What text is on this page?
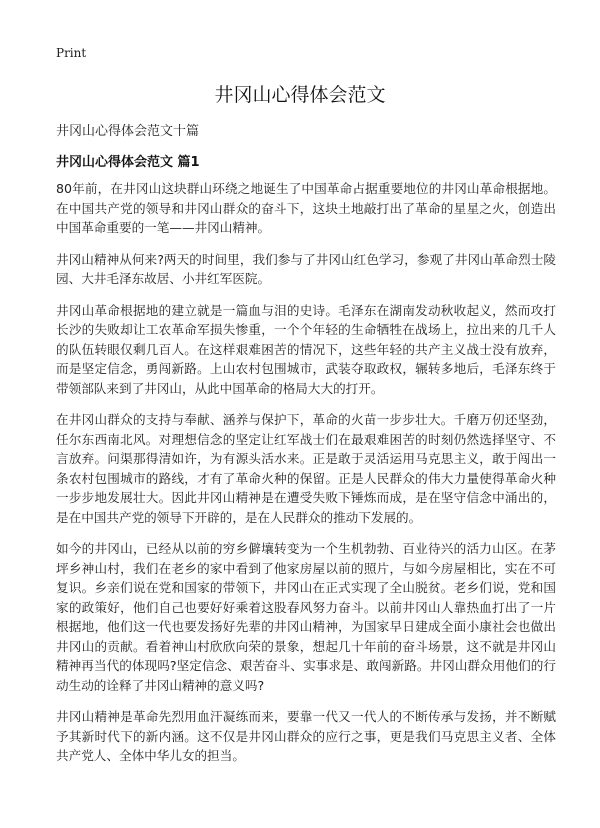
Print
井冈山心得体会范文
井冈山心得体会范文十篇
井冈山心得体会范文 篇1

80年前，在井冈山这块群山环绕之地诞生了中国革命占据重要地位的井冈山革命根据地。在中国共产党的领导和井冈山群众的奋斗下，这块土地敲打出了革命的星星之火，创造出中国革命重要的一笔——井冈山精神。

井冈山精神从何来?两天的时间里，我们参与了井冈山红色学习，参观了井冈山革命烈士陵园、大井毛泽东故居、小井红军医院。

井冈山革命根据地的建立就是一篇血与泪的史诗。毛泽东在湖南发动秋收起义，然而攻打长沙的失败却让工农革命军损失惨重，一个个年轻的生命牺牲在战场上，拉出来的几千人的队伍转眼仅剩几百人。在这样艰难困苦的情况下，这些年轻的共产主义战士没有放弃，而是坚定信念，勇闯新路。上山农村包围城市，武装夺取政权，辗转多地后，毛泽东终于带领部队来到了井冈山，从此中国革命的格局大大的打开。

在井冈山群众的支持与奉献、涵养与保护下，革命的火苗一步步壮大。千磨万仞还坚劲，任尔东西南北风。对理想信念的坚定让红军战士们在最艰难困苦的时刻仍然选择坚守、不言放弃。问渠那得清如许，为有源头活水来。正是敢于灵活运用马克思主义，敢于闯出一条农村包围城市的路线，才有了革命火种的保留。正是人民群众的伟大力量使得革命火种一步步地发展壮大。因此井冈山精神是在遭受失败下锤炼而成，是在坚守信念中涌出的，是在中国共产党的领导下开辟的，是在人民群众的推动下发展的。

如今的井冈山，已经从以前的穷乡僻壤转变为一个生机勃勃、百业待兴的活力山区。在茅坪乡神山村，我们在老乡的家中看到了他家房屋以前的照片，与如今房屋相比，实在不可复识。乡亲们说在党和国家的带领下，井冈山在正式实现了全山脱贫。老乡们说，党和国家的政策好，他们自己也要好好乘着这股春风努力奋斗。以前井冈山人靠热血打出了一片根据地，他们这一代也要发扬好先辈的井冈山精神，为国家早日建成全面小康社会也做出井冈山的贡献。看着神山村欣欣向荣的景象，想起几十年前的奋斗场景，这不就是井冈山精神再当代的体现吗?坚定信念、艰苦奋斗、实事求是、敢闯新路。井冈山群众用他们的行动生动的诠释了井冈山精神的意义吗?

井冈山精神是革命先烈用血汗凝练而来，要靠一代又一代人的不断传承与发扬，并不断赋予其新时代下的新内涵。这不仅是井冈山群众的应行之事，更是我们马克思主义者、全体共产党人、全体中华儿女的担当。
